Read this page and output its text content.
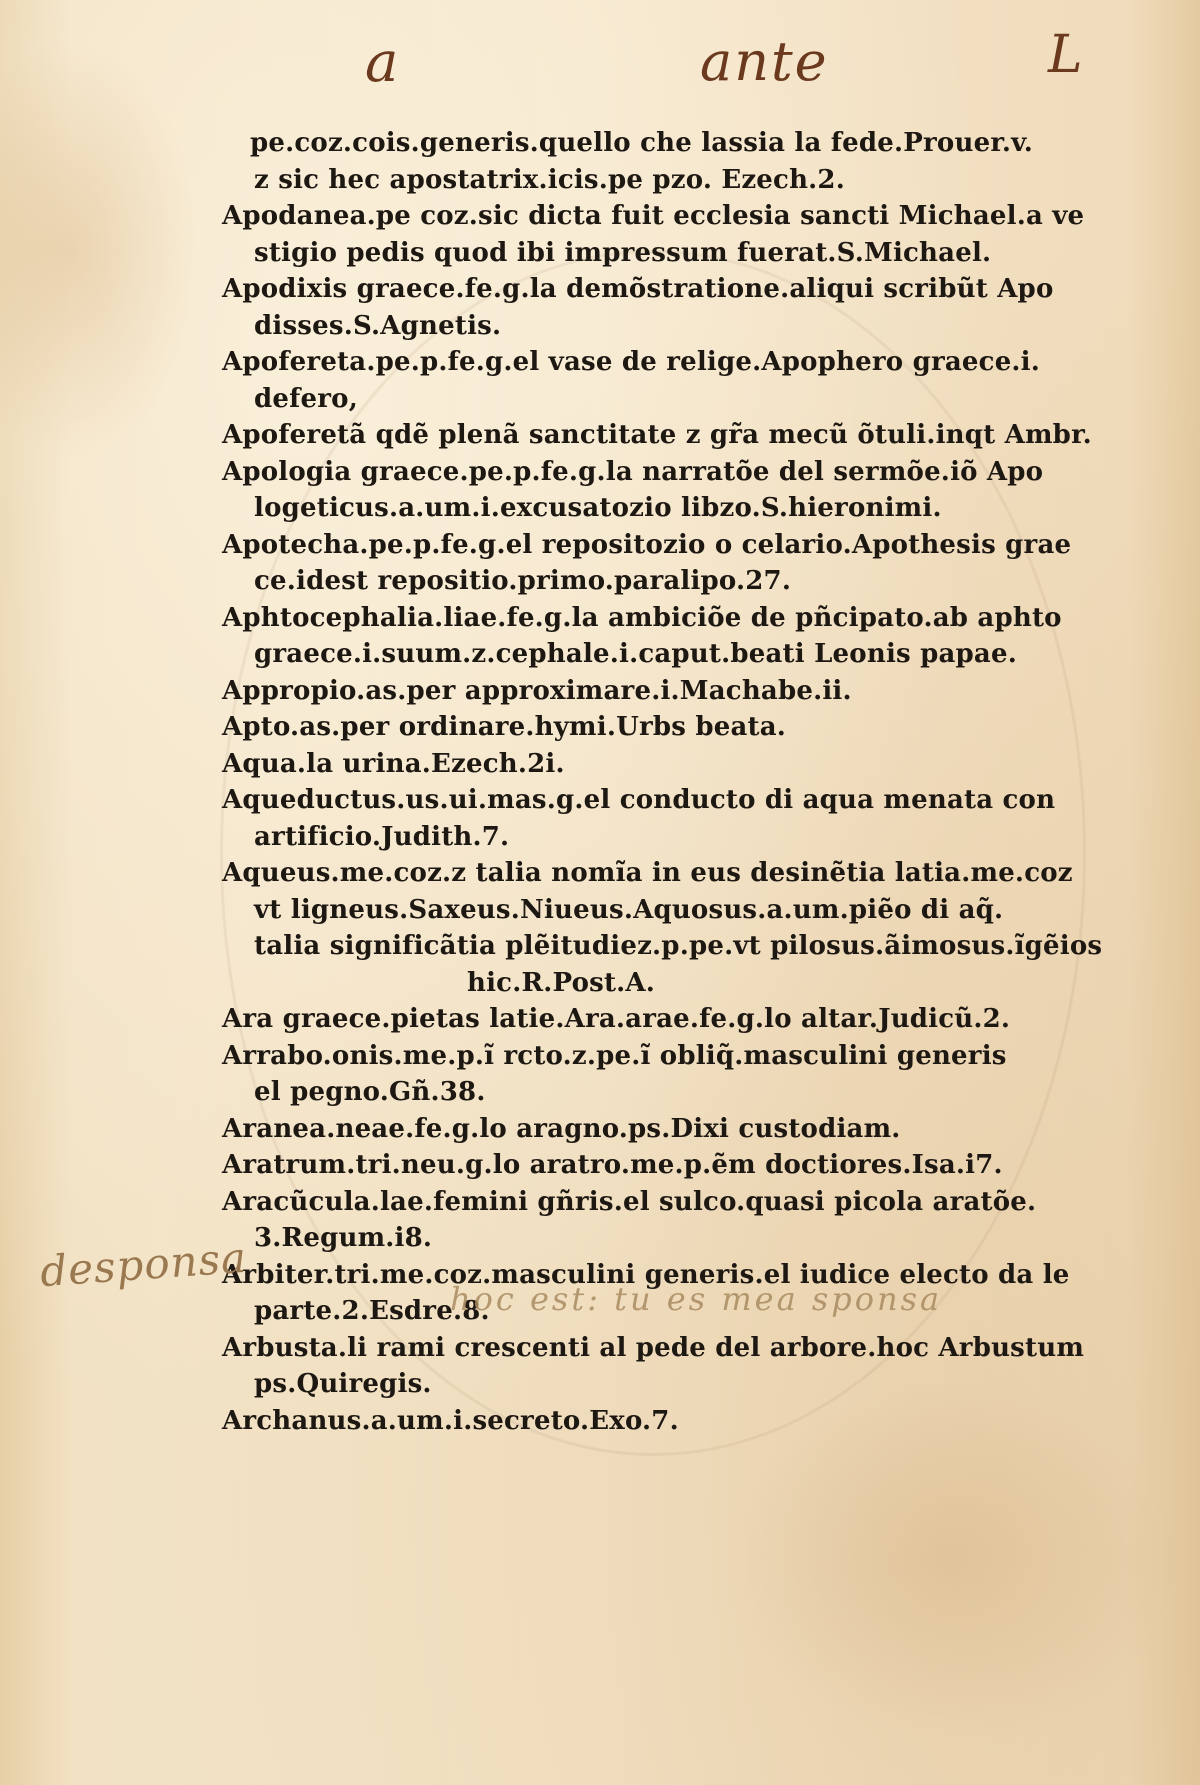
a	ante	L
pe.coz.cois.generis.quello che lassia la fede.Prouer.v.
z sic hec apostatrix.icis.pe pzo. Ezech.2.
Apodanea.pe coz.sic dicta fuit ecclesia sancti Michael.a ve
stigio pedis quod ibi impressum fuerat.S.Michael.
Apodixis graece.fe.g.la demõstratione.aliqui scribũt Apo
disses.S.Agnetis.
Apoferetа.pe.p.fe.g.el vase de relige.Apophero graece.i.
defero,
Apoferetã qdẽ plenã sanctitate z gr̃a mecũ õtuli.inqt Ambr.
Apologia graece.pe.p.fe.g.la narratõe del sermõe.iõ Apo
logeticus.a.um.i.excusatozio libzo.S.hieronimi.
Apotecha.pe.p.fe.g.el repositozio o celario.Apothesis grae
ce.idest repositio.primo.paralipo.27.
Aphtocephalia.liae.fe.g.la ambiciõe de pñcipato.ab aphto
graece.i.suum.z.cephale.i.caput.beati Leonis papae.
Appropio.as.per approximare.i.Machabe.ii.
Apto.as.per ordinare.hymi.Urbs beata.
Aqua.la urina.Ezech.2i.
Aqueductus.us.ui.mas.g.el conducto di aqua menata con
artificio.Judith.7.
Aqueus.me.coz.z talia nomĩa in eus desinẽtia latia.me.coz
vt ligneus.Saxeus.Niueus.Aquosus.a.um.piẽo di aq̃.
talia significãtia plẽitudiez.p.pe.vt pilosus.ãimosus.ĩgẽios
hic.R.Post.A.
Ara graece.pietas latie.Ara.arae.fe.g.lo altar.Judicũ.2.
Arrabo.onis.me.p.ĩ rcto.z.pe.ĩ obliq̃.masculini generis
el pegno.Gñ.38.
Aranea.neae.fe.g.lo aragno.ps.Dixi custodiam.
Aratrum.tri.neu.g.lo aratro.me.p.ẽm doctiores.Isa.i7.
Aracũcula.lae.femini gñris.el sulco.quasi picola aratõe.
3.Regum.i8.
Arbiter.tri.me.coz.masculini generis.el iudice electo da le
parte.2.Esdre.8.
Arbusta.li rami crescenti al pede del arbore.hoc Arbustum
ps.Quiregis.
Archanus.a.um.i.secreto.Exo.7.
desponsa
hoc est: tu es mea sponsa
